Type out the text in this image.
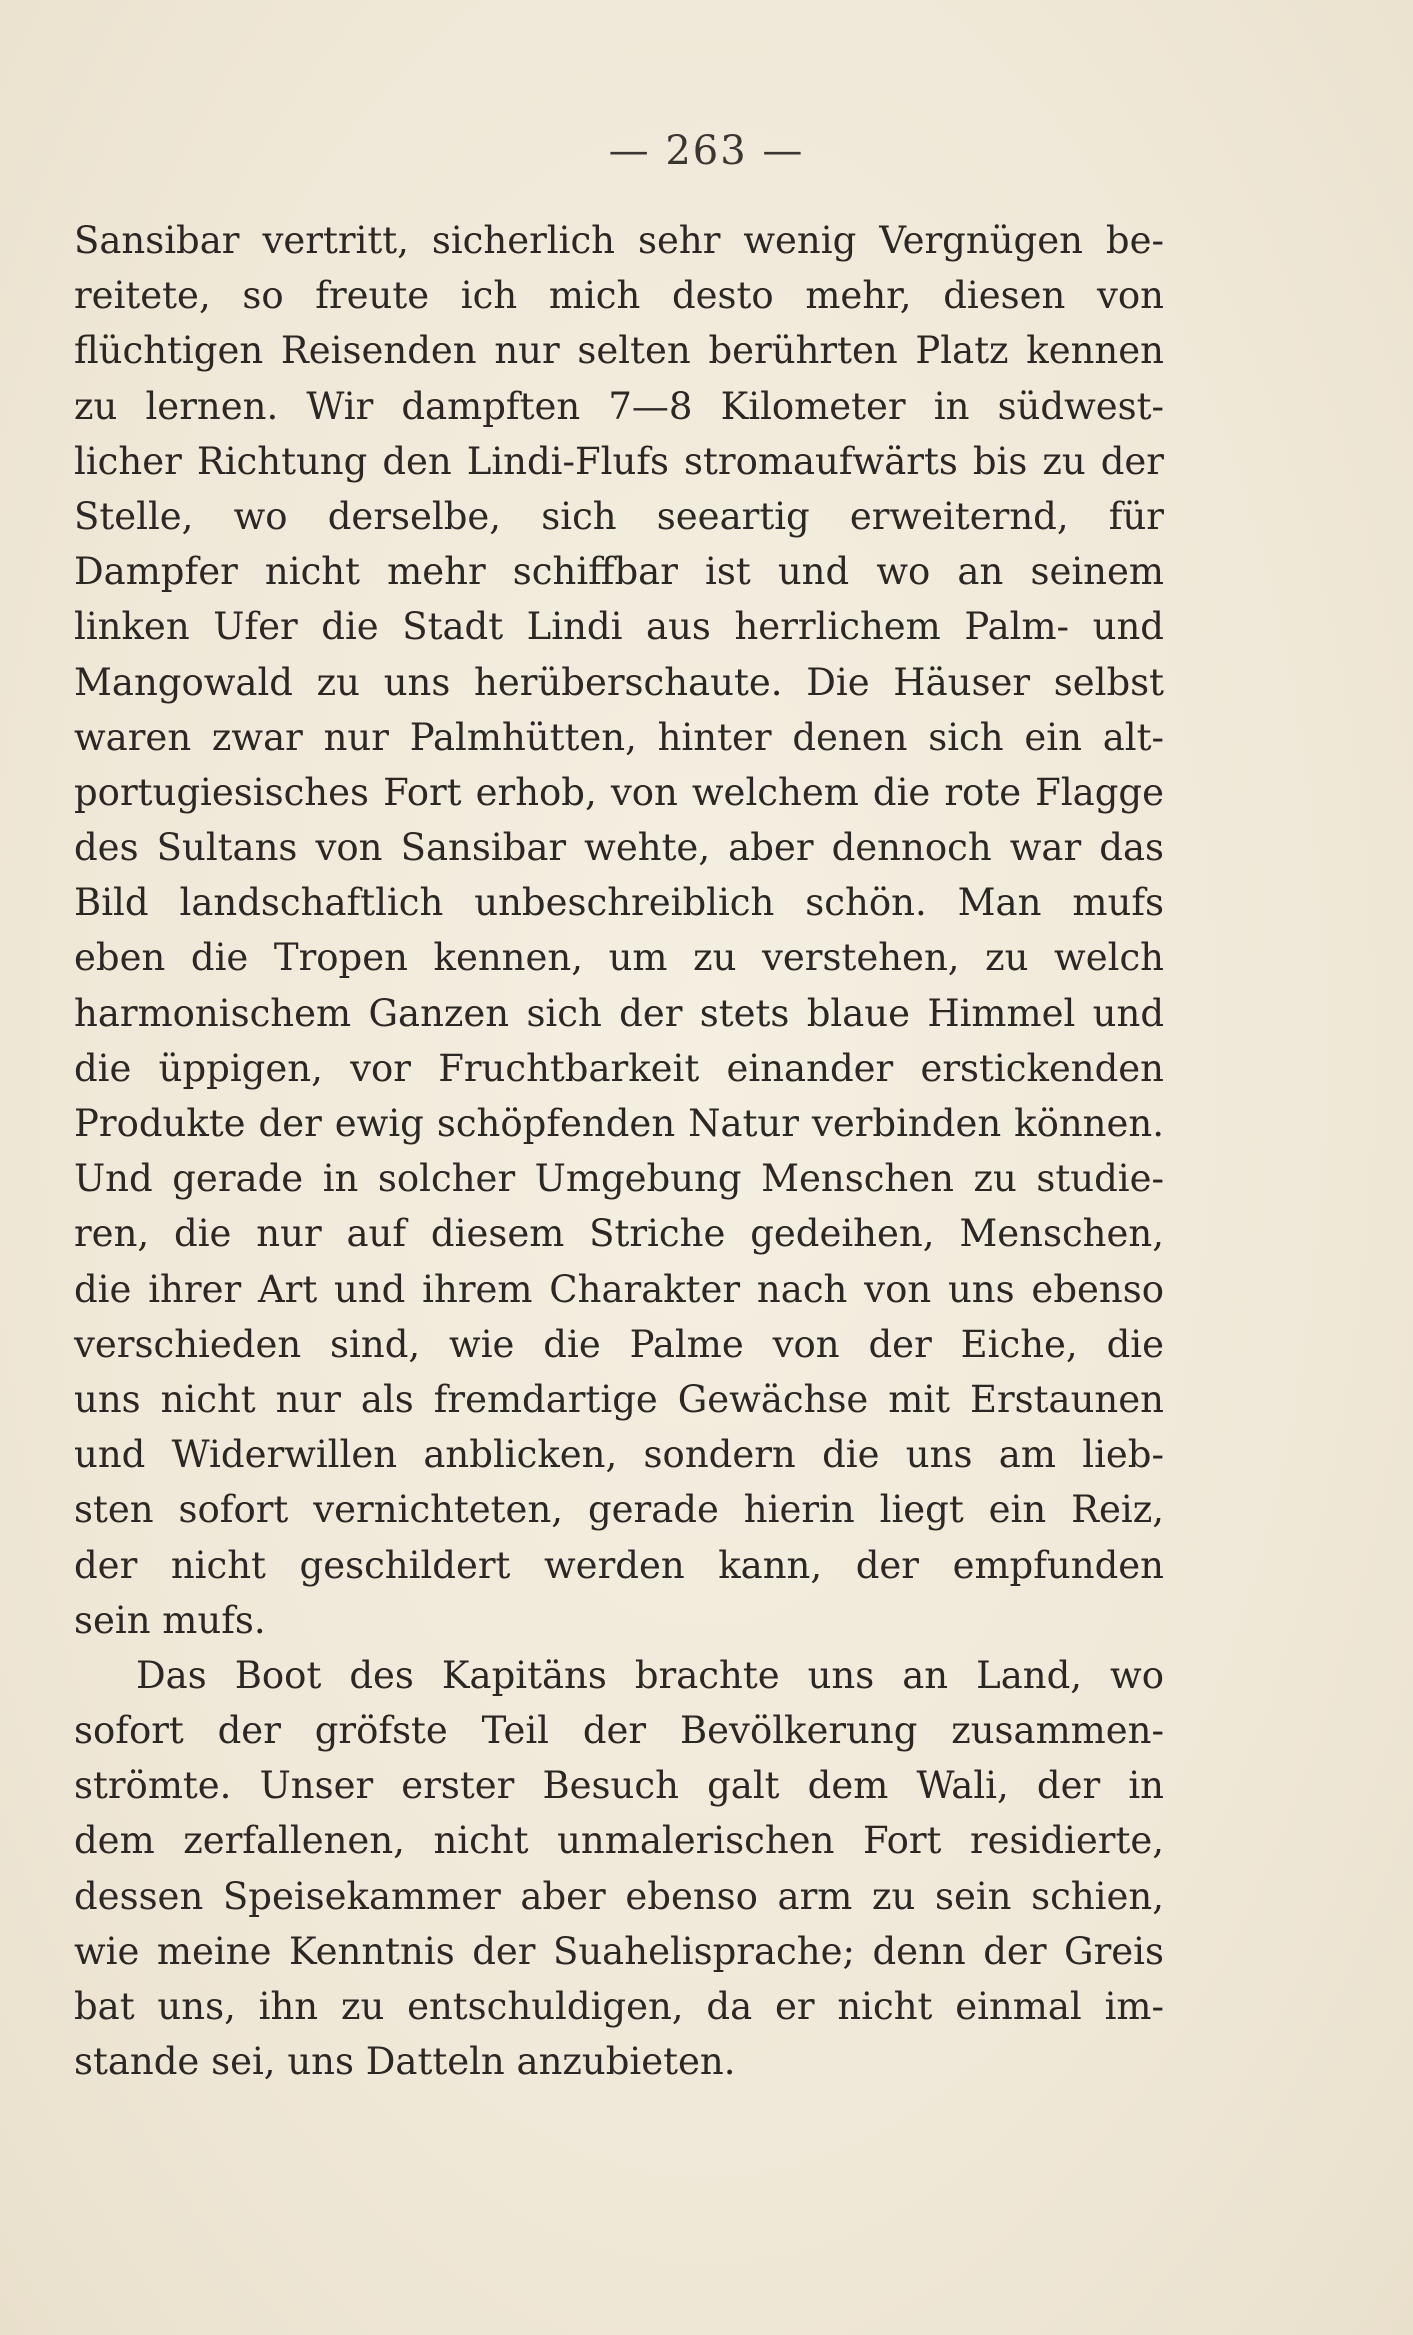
— 263 —
Sansibar vertritt, sicherlich sehr wenig Vergnügen be-
reitete, so freute ich mich desto mehr, diesen von
flüchtigen Reisenden nur selten berührten Platz kennen
zu lernen. Wir dampften 7—8 Kilometer in südwest-
licher Richtung den Lindi-Flufs stromaufwärts bis zu der
Stelle, wo derselbe, sich seeartig erweiternd, für
Dampfer nicht mehr schiffbar ist und wo an seinem
linken Ufer die Stadt Lindi aus herrlichem Palm- und
Mangowald zu uns herüberschaute. Die Häuser selbst
waren zwar nur Palmhütten, hinter denen sich ein alt-
portugiesisches Fort erhob, von welchem die rote Flagge
des Sultans von Sansibar wehte, aber dennoch war das
Bild landschaftlich unbeschreiblich schön. Man mufs
eben die Tropen kennen, um zu verstehen, zu welch
harmonischem Ganzen sich der stets blaue Himmel und
die üppigen, vor Fruchtbarkeit einander erstickenden
Produkte der ewig schöpfenden Natur verbinden können.
Und gerade in solcher Umgebung Menschen zu studie-
ren, die nur auf diesem Striche gedeihen, Menschen,
die ihrer Art und ihrem Charakter nach von uns ebenso
verschieden sind, wie die Palme von der Eiche, die
uns nicht nur als fremdartige Gewächse mit Erstaunen
und Widerwillen anblicken, sondern die uns am lieb-
sten sofort vernichteten, gerade hierin liegt ein Reiz,
der nicht geschildert werden kann, der empfunden
sein mufs.
Das Boot des Kapitäns brachte uns an Land, wo
sofort der gröfste Teil der Bevölkerung zusammen-
strömte. Unser erster Besuch galt dem Wali, der in
dem zerfallenen, nicht unmalerischen Fort residierte,
dessen Speisekammer aber ebenso arm zu sein schien,
wie meine Kenntnis der Suahelisprache; denn der Greis
bat uns, ihn zu entschuldigen, da er nicht einmal im-
stande sei, uns Datteln anzubieten.
